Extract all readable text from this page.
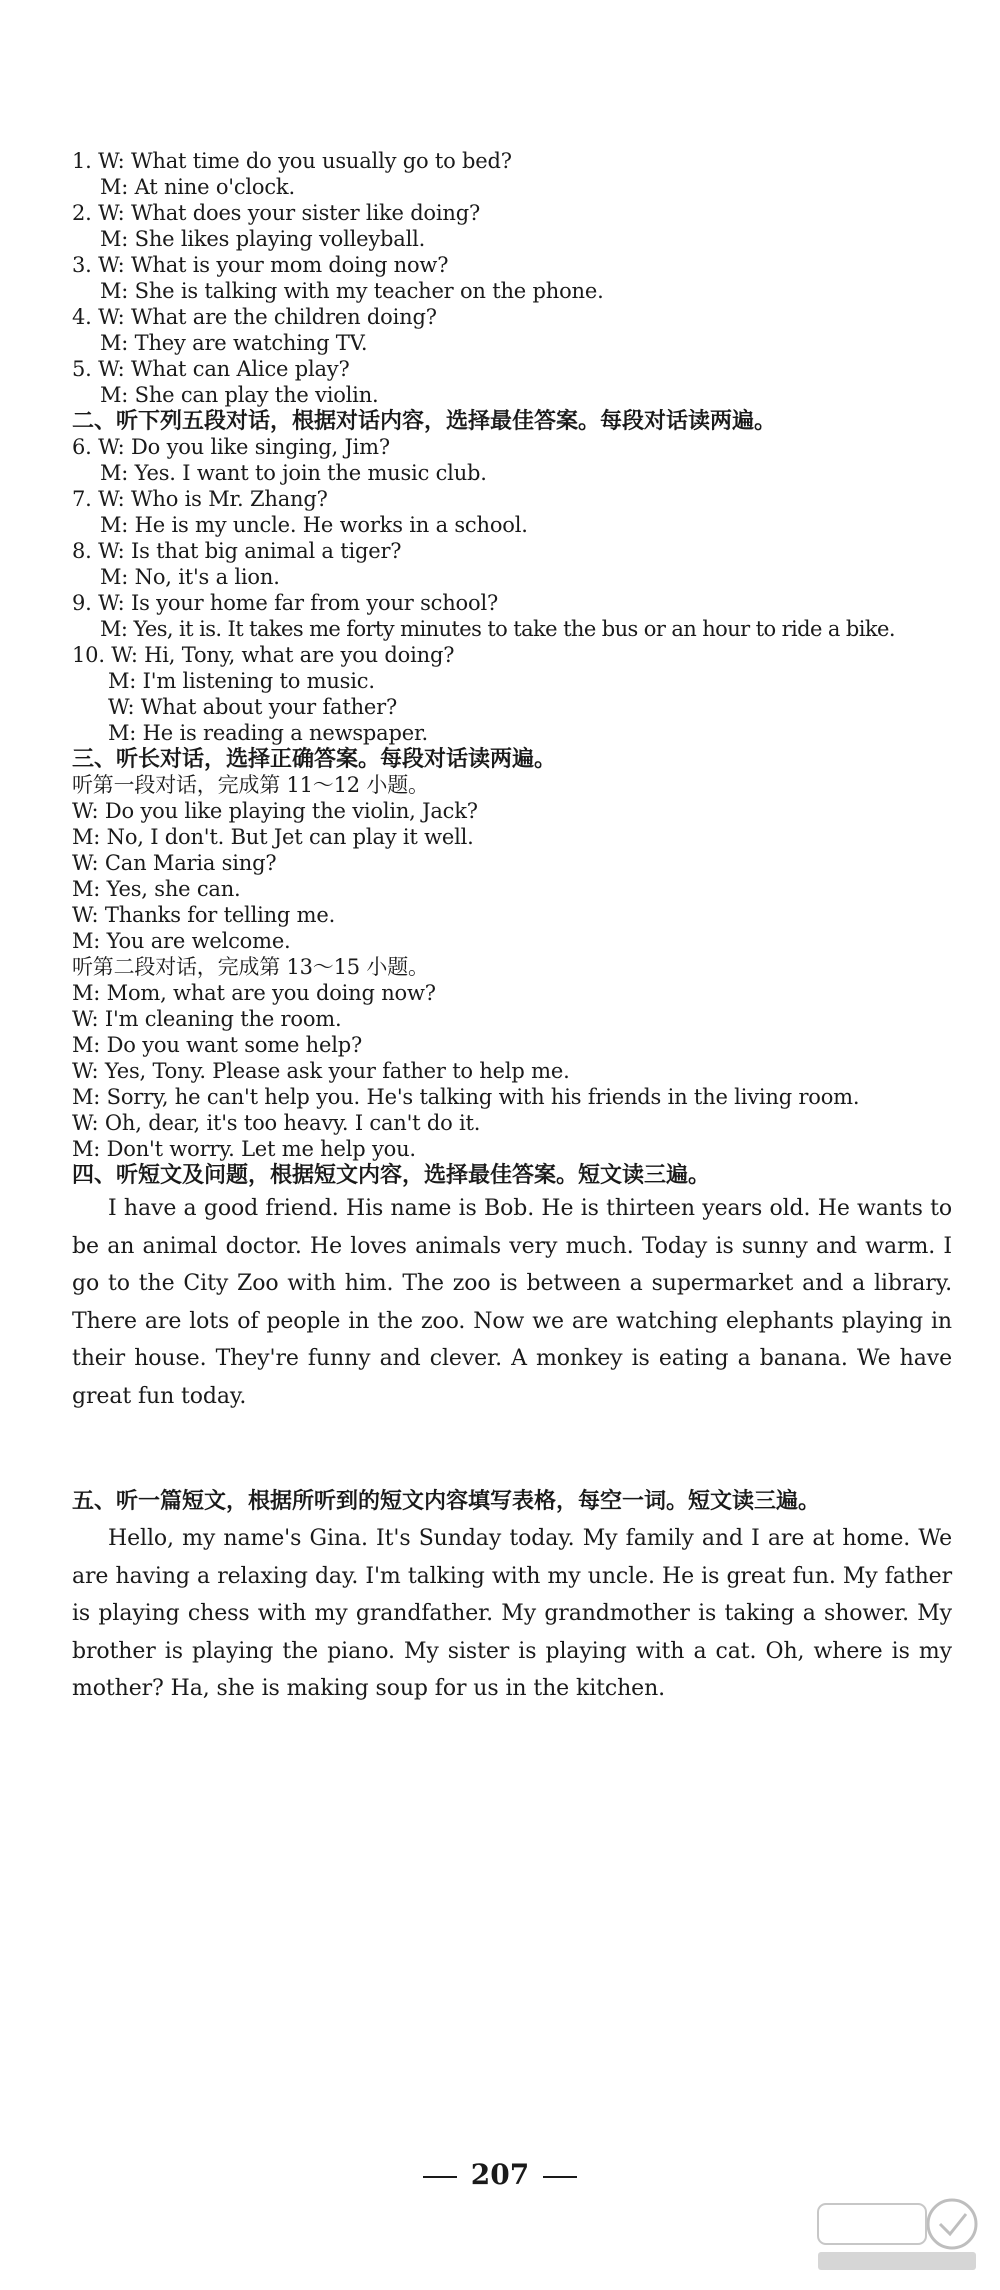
1. W: What time do you usually go to bed?
M: At nine o'clock.
2. W: What does your sister like doing?
M: She likes playing volleyball.
3. W: What is your mom doing now?
M: She is talking with my teacher on the phone.
4. W: What are the children doing?
M: They are watching TV.
5. W: What can Alice play?
M: She can play the violin.
二、听下列五段对话，根据对话内容，选择最佳答案。每段对话读两遍。
6. W: Do you like singing, Jim?
M: Yes. I want to join the music club.
7. W: Who is Mr. Zhang?
M: He is my uncle. He works in a school.
8. W: Is that big animal a tiger?
M: No, it's a lion.
9. W: Is your home far from your school?
M: Yes, it is. It takes me forty minutes to take the bus or an hour to ride a bike.
10. W: Hi, Tony, what are you doing?
M: I'm listening to music.
W: What about your father?
M: He is reading a newspaper.
三、听长对话，选择正确答案。每段对话读两遍。
听第一段对话，完成第 11～12 小题。
W: Do you like playing the violin, Jack?
M: No, I don't. But Jet can play it well.
W: Can Maria sing?
M: Yes, she can.
W: Thanks for telling me.
M: You are welcome.
听第二段对话，完成第 13～15 小题。
M: Mom, what are you doing now?
W: I'm cleaning the room.
M: Do you want some help?
W: Yes, Tony. Please ask your father to help me.
M: Sorry, he can't help you. He's talking with his friends in the living room.
W: Oh, dear, it's too heavy. I can't do it.
M: Don't worry. Let me help you.
四、听短文及问题，根据短文内容，选择最佳答案。短文读三遍。
I have a good friend. His name is Bob. He is thirteen years old. He wants to be an animal doctor. He loves animals very much. Today is sunny and warm. I go to the City Zoo with him. The zoo is between a supermarket and a library. There are lots of people in the zoo. Now we are watching elephants playing in their house. They're funny and clever. A monkey is eating a banana. We have great fun today.
五、听一篇短文，根据所听到的短文内容填写表格，每空一词。短文读三遍。
Hello, my name's Gina. It's Sunday today. My family and I are at home. We are having a relaxing day. I'm talking with my uncle. He is great fun. My father is playing chess with my grandfather. My grandmother is taking a shower. My brother is playing the piano. My sister is playing with a cat. Oh, where is my mother? Ha, she is making soup for us in the kitchen.
207
